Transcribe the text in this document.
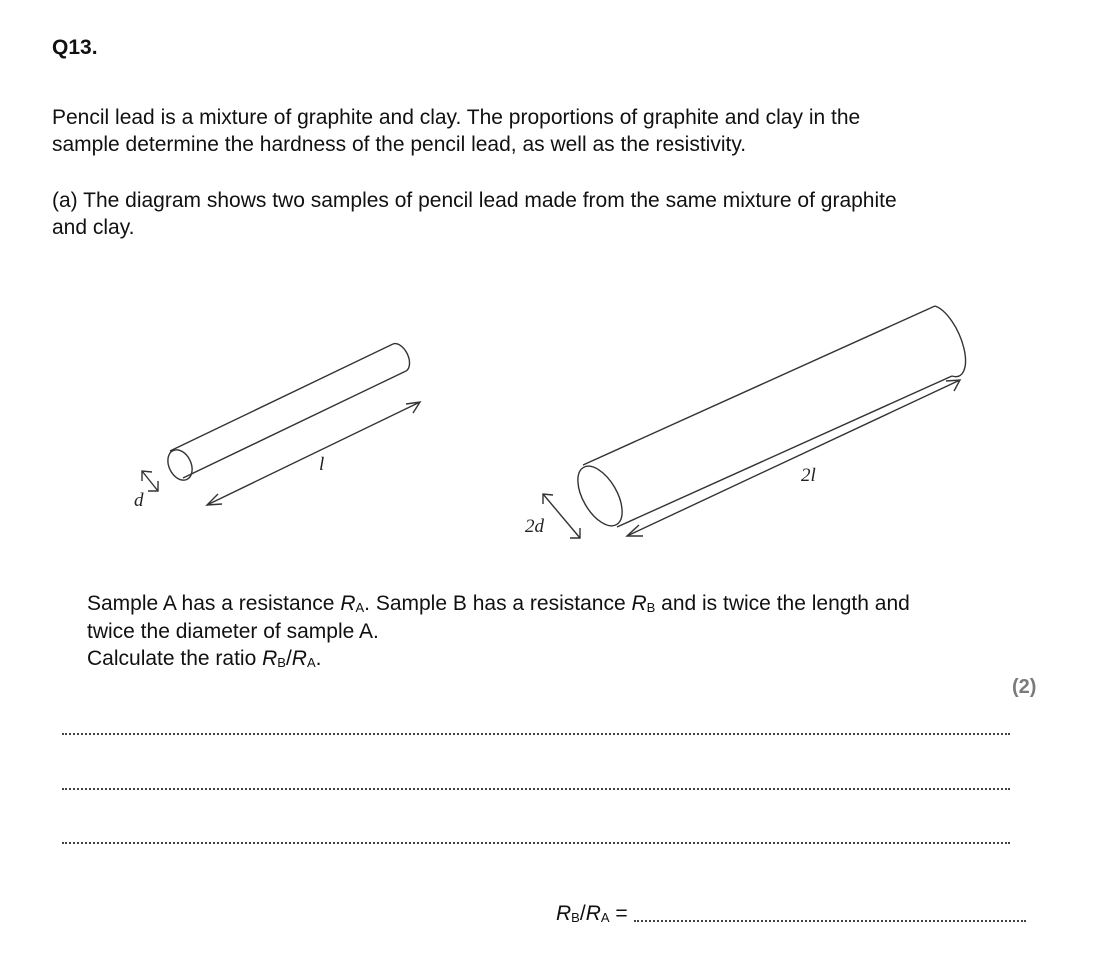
Q13.

Pencil lead is a mixture of graphite and clay. The proportions of graphite and clay in the

sample determine the hardness of the pencil lead, as well as the resistivity.

(a) The diagram shows two samples of pencil lead made from the same mixture of graphite

and clay.

d
l
2d
2l
Sample A has a resistance $R_A$. Sample B has a resistance $R_B$ and is twice the length and
twice the diameter of sample A.
Calculate the ratio $R_B/R_A$.
(2)
$R_B/R_A$ =
